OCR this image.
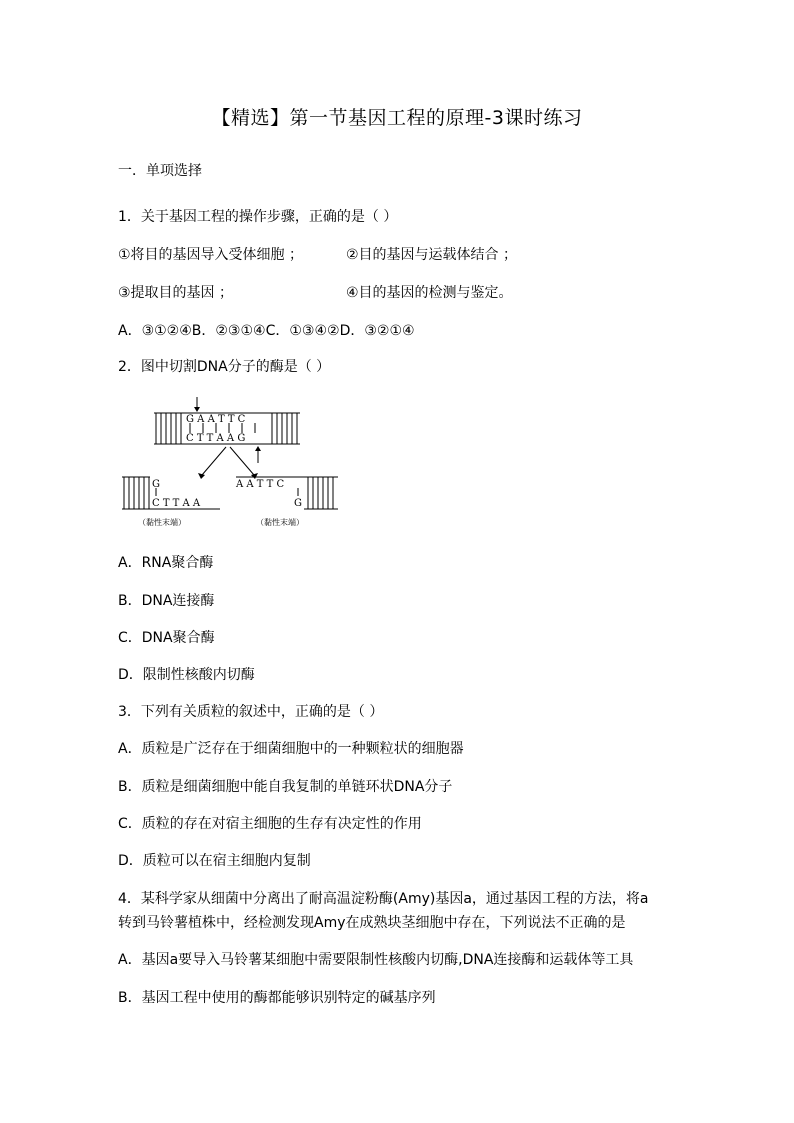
【精选】第一节基因工程的原理-3课时练习
一．单项选择
1．关于基因工程的操作步骤，正确的是（ ）
①将目的基因导入受体细胞 ；	②目的基因与运载体结合 ；
③提取目的基因 ；	④目的基因的检测与鉴定。
A．③①②④B．②③①④C．①③④②D．③②①④
2．图中切割DNA分子的酶是（ ）
G A A T T C
C T T A A G
G
C T T A A
（黏性末端）
A A T T C
G
（黏性末端）
A．RNA聚合酶
B．DNA连接酶
C．DNA聚合酶
D．限制性核酸内切酶
3．下列有关质粒的叙述中，正确的是（ ）
A．质粒是广泛存在于细菌细胞中的一种颗粒状的细胞器
B．质粒是细菌细胞中能自我复制的单链环状DNA分子
C．质粒的存在对宿主细胞的生存有决定性的作用
D．质粒可以在宿主细胞内复制
4．某科学家从细菌中分离出了耐高温淀粉酶(Amy)基因a，通过基因工程的方法，将a
转到马铃薯植株中，经检测发现Amy在成熟块茎细胞中存在，下列说法不正确的是
A．基因a要导入马铃薯某细胞中需要限制性核酸内切酶,DNA连接酶和运载体等工具
B．基因工程中使用的酶都能够识别特定的碱基序列
